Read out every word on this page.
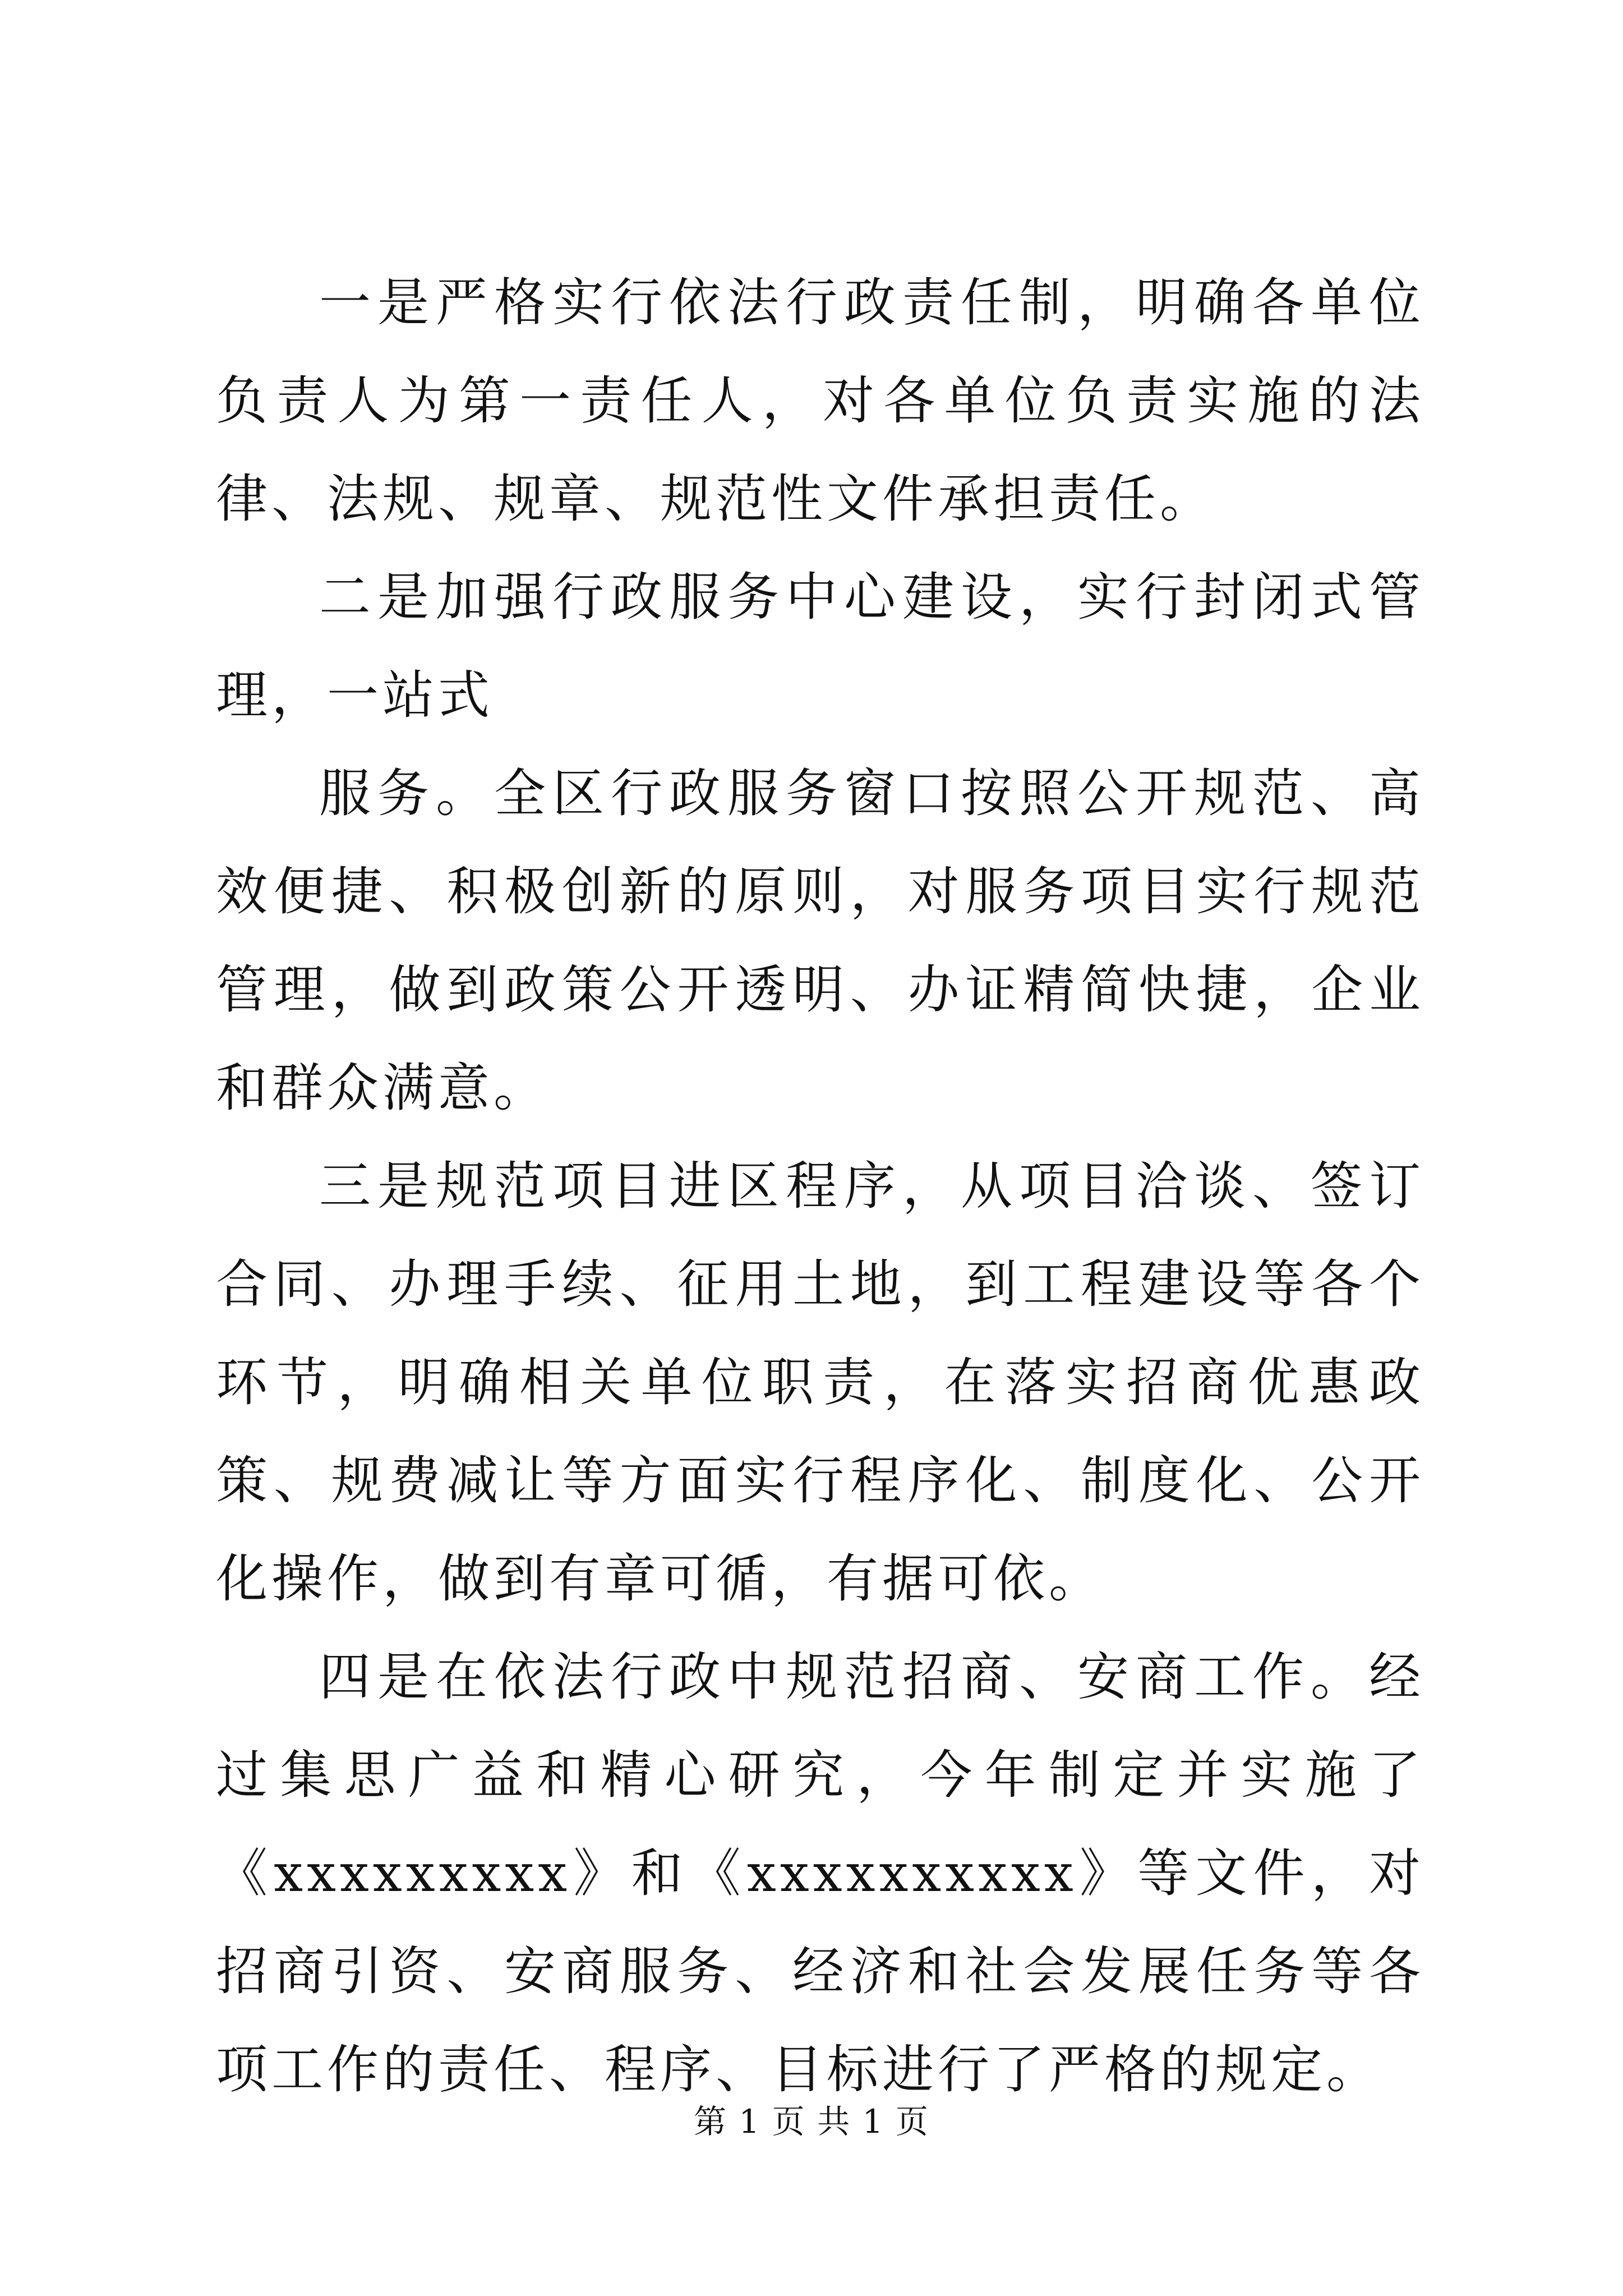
一是严格实行依法行政责任制，明确各单位负责人为第一责任人，对各单位负责实施的法律、法规、规章、规范性文件承担责任。

二是加强行政服务中心建设，实行封闭式管理，一站式

服务。全区行政服务窗口按照公开规范、高效便捷、积极创新的原则，对服务项目实行规范管理，做到政策公开透明、办证精简快捷，企业和群众满意。

三是规范项目进区程序，从项目洽谈、签订合同、办理手续、征用土地，到工程建设等各个环节，明确相关单位职责，在落实招商优惠政策、规费减让等方面实行程序化、制度化、公开化操作，做到有章可循，有据可依。

四是在依法行政中规范招商、安商工作。经过集思广益和精心研究，今年制定并实施了《xxxxxxxxx》和《xxxxxxxxxx》等文件，对招商引资、安商服务、经济和社会发展任务等各项工作的责任、程序、目标进行了严格的规定。

第 1 页 共 1 页
